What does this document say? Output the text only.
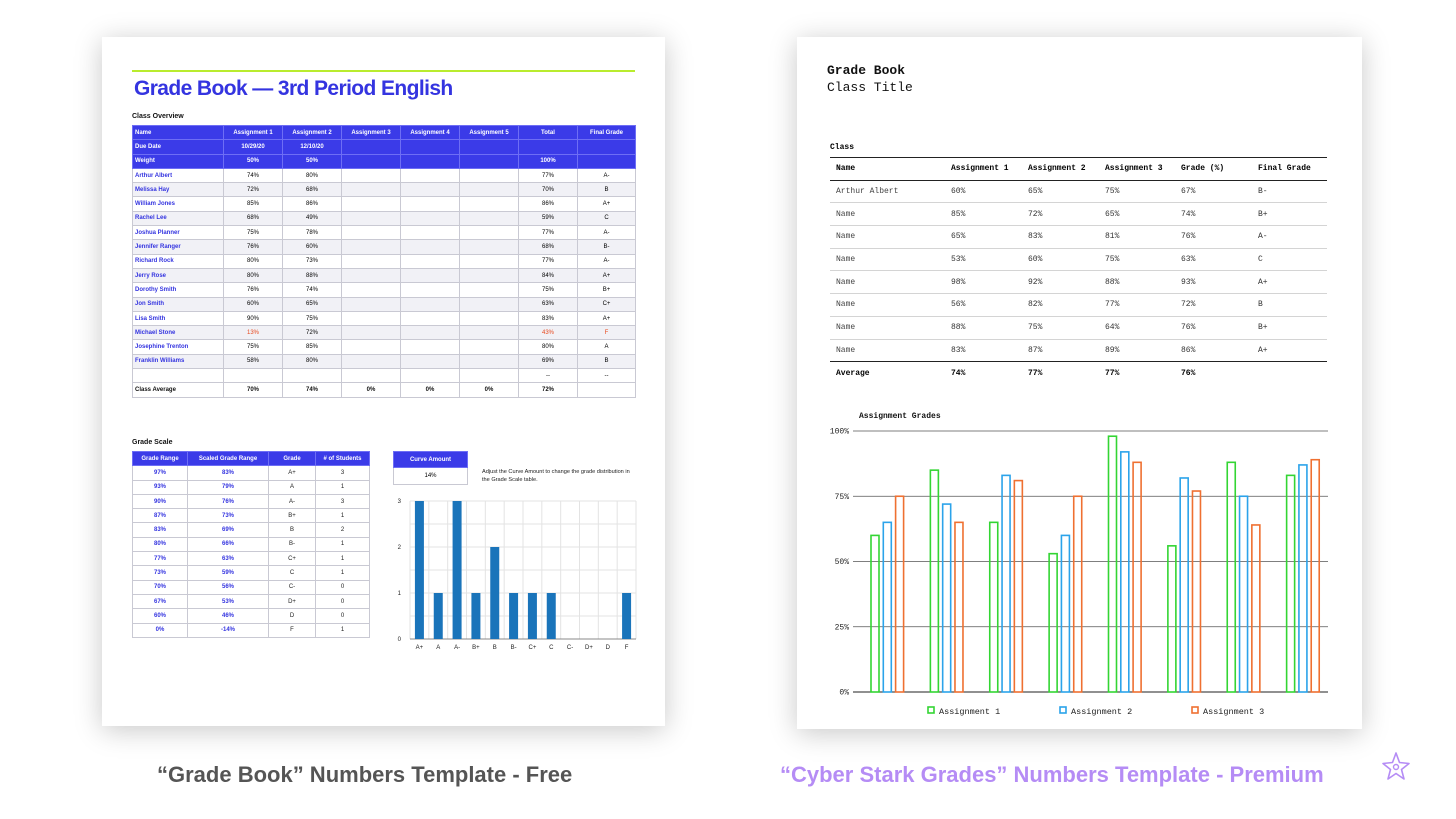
Grade Book — 3rd Period English
Class Overview
Name	Assignment 1	Assignment 2	Assignment 3	Assignment 4	Assignment 5	Total	Final Grade
Due Date	10/29/20	12/10/20					
Weight	50%	50%				100%	
Arthur Albert	74%	80%				77%	A-
Melissa Hay	72%	68%				70%	B
William Jones	85%	86%				86%	A+
Rachel Lee	68%	49%				59%	C
Joshua Planner	75%	78%				77%	A-
Jennifer Ranger	76%	60%				68%	B-
Richard Rock	80%	73%				77%	A-
Jerry Rose	80%	88%				84%	A+
Dorothy Smith	76%	74%				75%	B+
Jon Smith	60%	65%				63%	C+
Lisa Smith	90%	75%				83%	A+
Michael Stone	13%	72%				43%	F
Josephine Trenton	75%	85%				80%	A
Franklin Williams	58%	80%				69%	B
						--	--
Class Average	70%	74%	0%	0%	0%	72%	
Grade Scale
Grade Range	Scaled Grade Range	Grade	# of Students
97%	83%	A+	3
93%	79%	A	1
90%	76%	A-	3
87%	73%	B+	1
83%	69%	B	2
80%	66%	B-	1
77%	63%	C+	1
73%	59%	C	1
70%	56%	C-	0
67%	53%	D+	0
60%	46%	D	0
0%	-14%	F	1
Curve Amount
14%
Adjust the Curve Amount to change the grade distribution in the Grade Scale table.
0
1
2
3
A+ A A- B+ B B- C+ C C- D+ D F
Grade Book
Class Title
Class
Name	Assignment 1	Assignment 2	Assignment 3	Grade (%)	Final Grade
Arthur Albert	60%	65%	75%	67%	B-
Name	85%	72%	65%	74%	B+
Name	65%	83%	81%	76%	A-
Name	53%	60%	75%	63%	C
Name	98%	92%	88%	93%	A+
Name	56%	82%	77%	72%	B
Name	88%	75%	64%	76%	B+
Name	83%	87%	89%	86%	A+
Average	74%	77%	77%	76%	
Assignment Grades
0%
25%
50%
75%
100%
Assignment 1	Assignment 2	Assignment 3
“Grade Book” Numbers Template - Free	“Cyber Stark Grades” Numbers Template - Premium
